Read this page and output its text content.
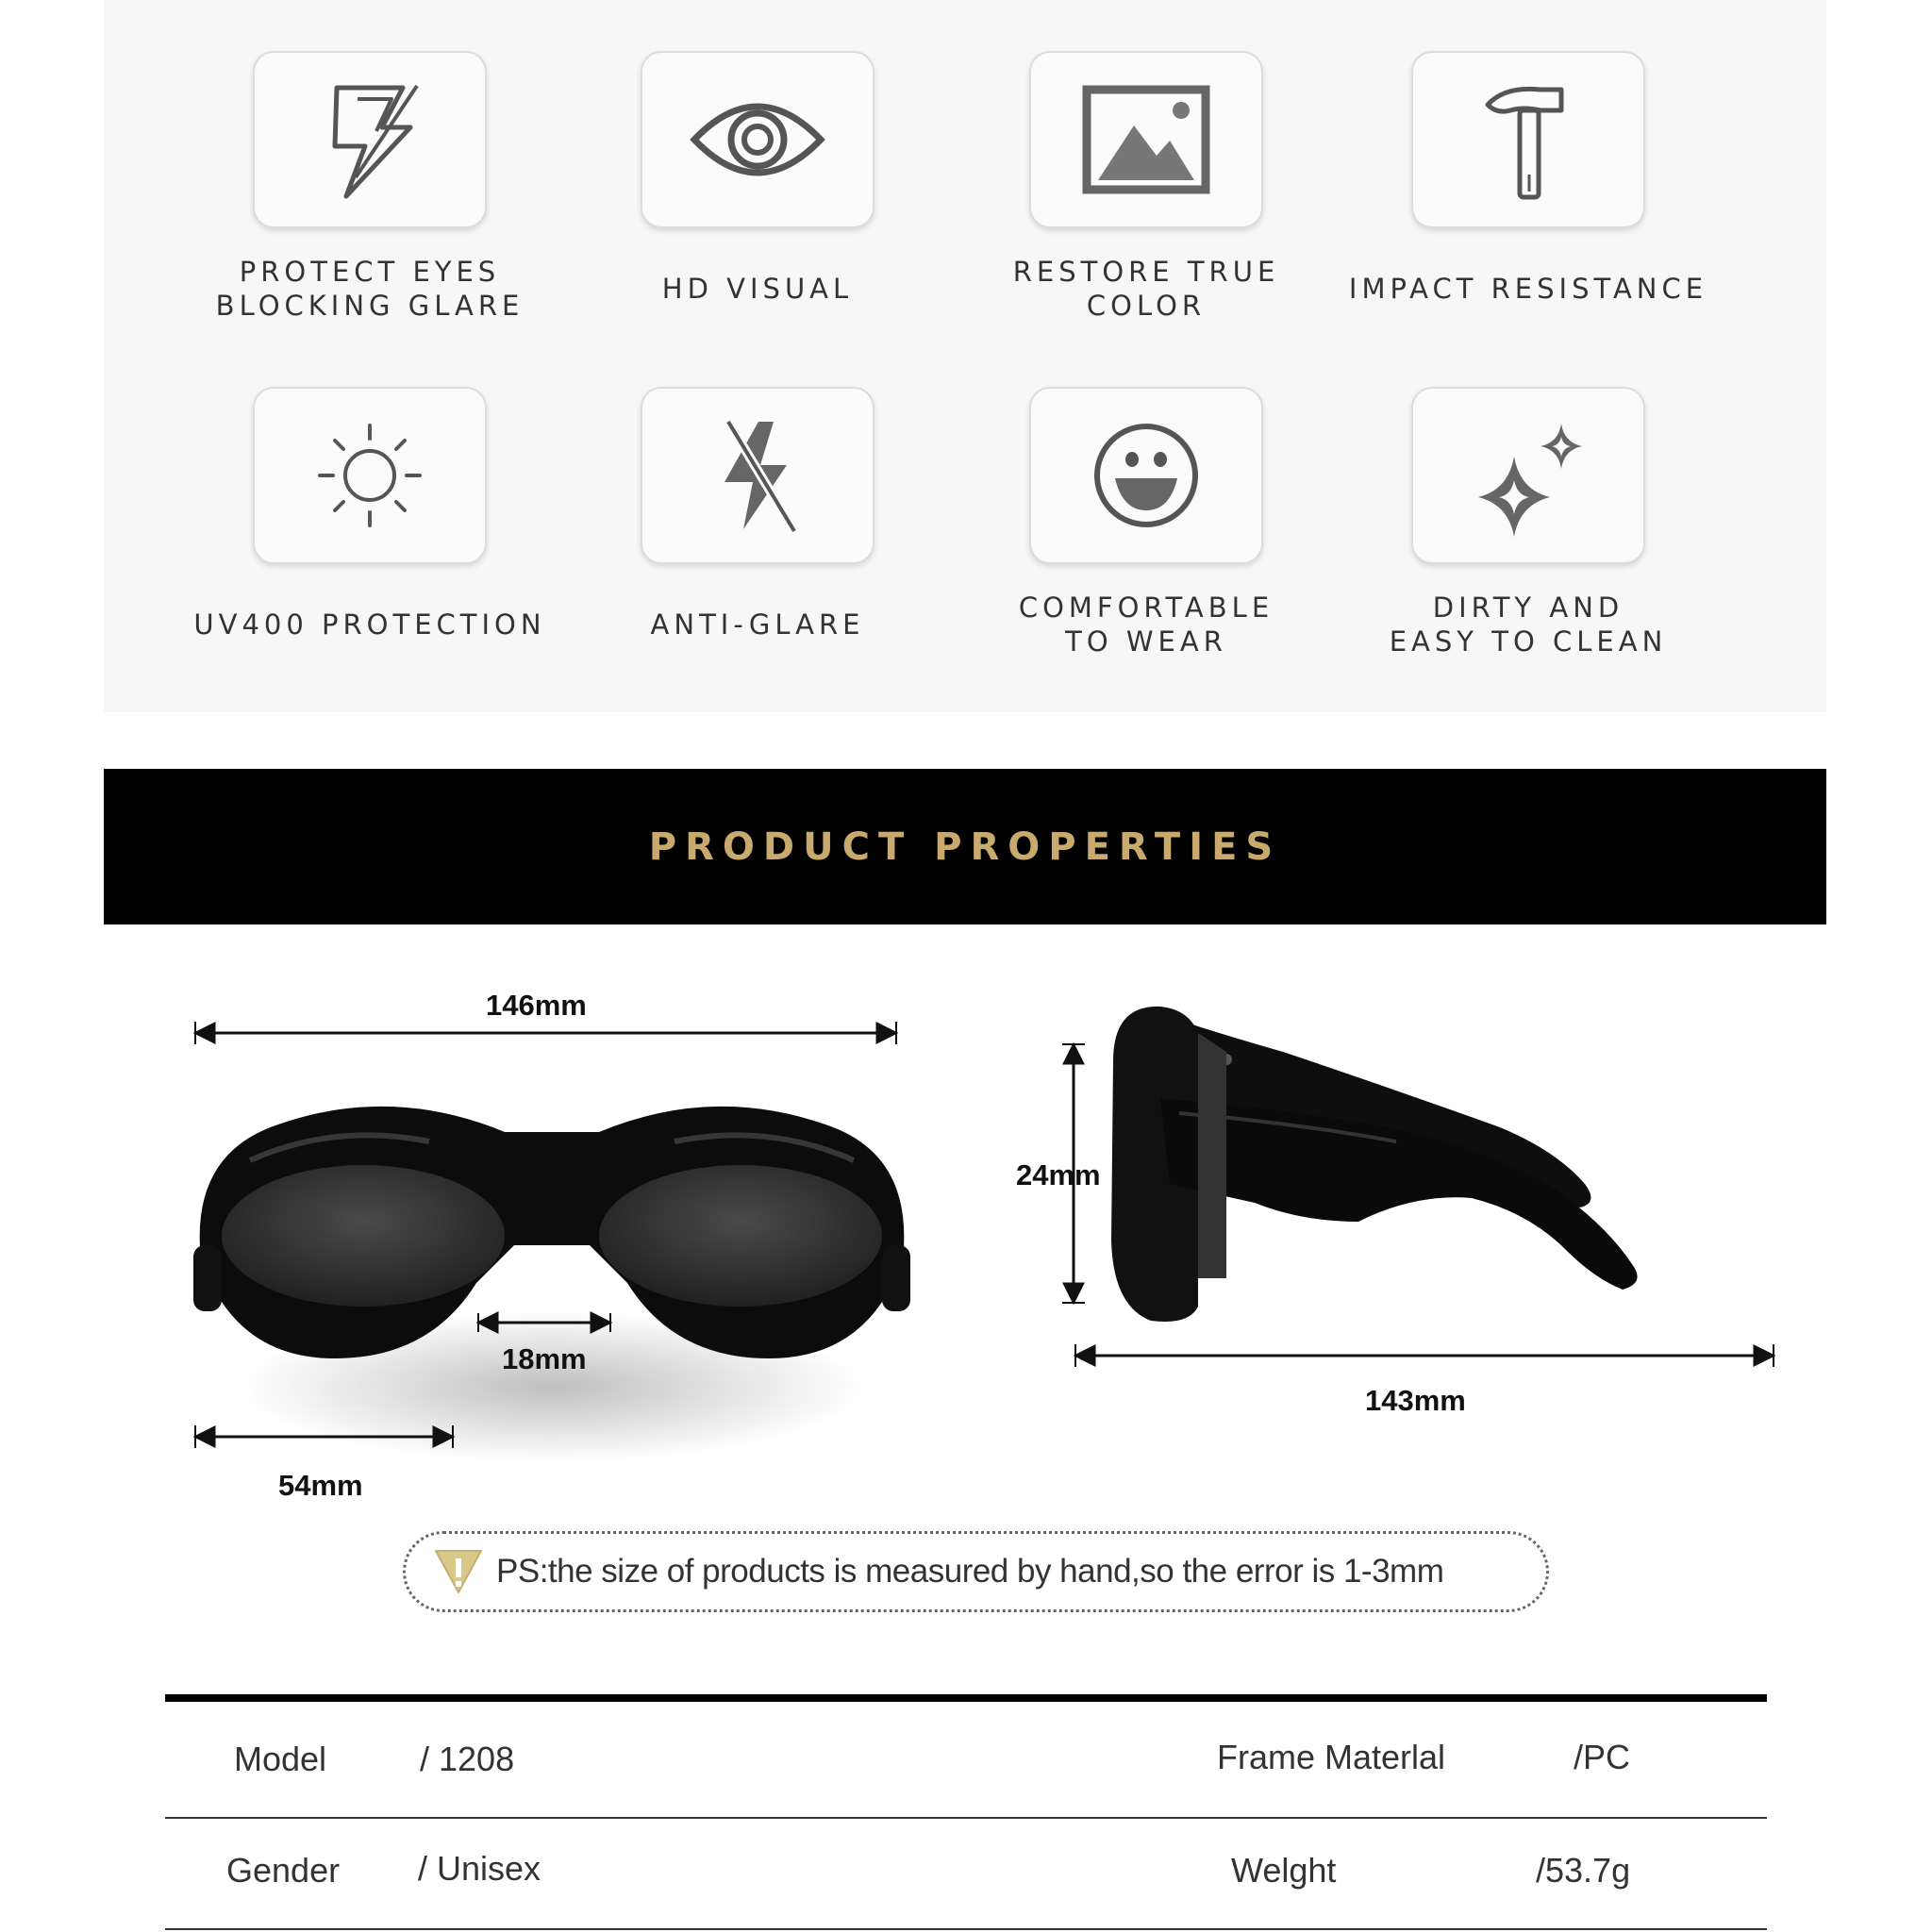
PROTECT EYES
BLOCKING GLARE
HD VISUAL
RESTORE TRUE COLOR
IMPACT RESISTANCE
UV400 PROTECTION	ANTI-GLARE
COMFORTABLE
TO WEAR
DIRTY AND
EASY TO CLEAN
PRODUCT PROPERTIES
146mm
18mm
54mm
24mm
143mm
PS:the size of products is measured by hand,so the error is 1-3mm
Model	/ 1208	Frame Materlal	/PC
Gender / Unisex	Welght	/53.7g
